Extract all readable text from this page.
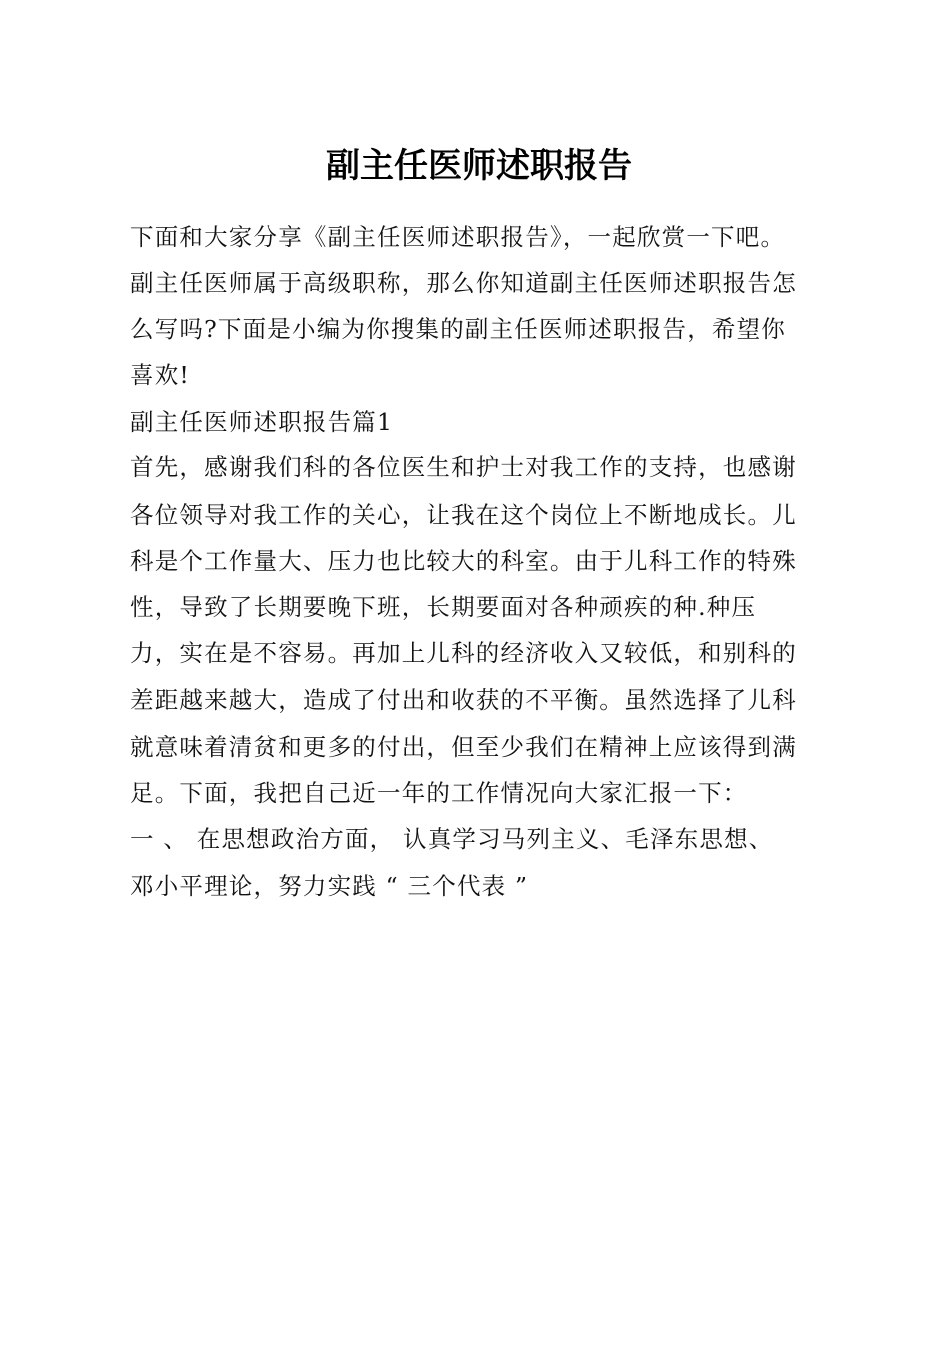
副主任医师述职报告
下面和大家分享《副主任医师述职报告》，一起欣赏一下吧。
副主任医师属于高级职称，那么你知道副主任医师述职报告怎
么写吗?下面是小编为你搜集的副主任医师述职报告，希望你
喜欢!
副主任医师述职报告篇1
首先，感谢我们科的各位医生和护士对我工作的支持，也感谢
各位领导对我工作的关心，让我在这个岗位上不断地成长。儿
科是个工作量大、压力也比较大的科室。由于儿科工作的特殊
性，导致了长期要晚下班，长期要面对各种顽疾的种.种压
力，实在是不容易。再加上儿科的经济收入又较低，和别科的
差距越来越大，造成了付出和收获的不平衡。虽然选择了儿科
就意味着清贫和更多的付出，但至少我们在精神上应该得到满
足。下面，我把自己近一年的工作情况向大家汇报一下：
一 、 在思想政治方面， 认真学习马列主义、毛泽东思想、
邓小平理论，努力实践 “ 三个代表 ”
